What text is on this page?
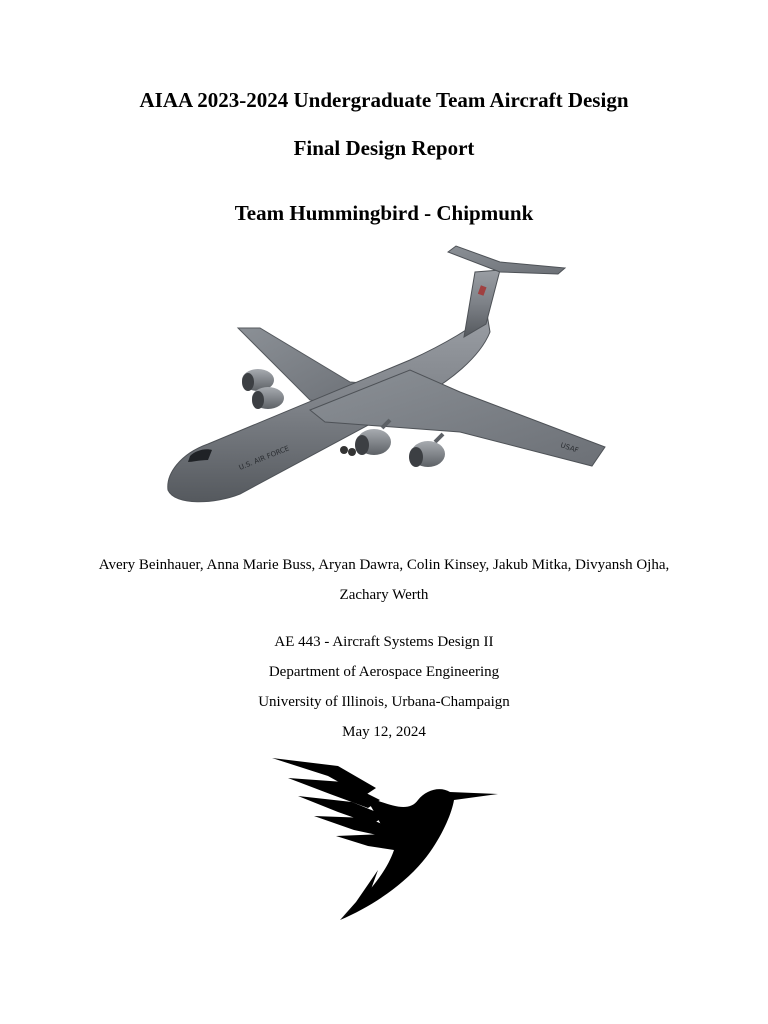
AIAA 2023-2024 Undergraduate Team Aircraft Design
Final Design Report
Team Hummingbird - Chipmunk
U.S. AIR FORCE	USAF
Avery Beinhauer, Anna Marie Buss, Aryan Dawra, Colin Kinsey, Jakub Mitka, Divyansh Ojha,
Zachary Werth
AE 443 - Aircraft Systems Design II
Department of Aerospace Engineering
University of Illinois, Urbana-Champaign
May 12, 2024
